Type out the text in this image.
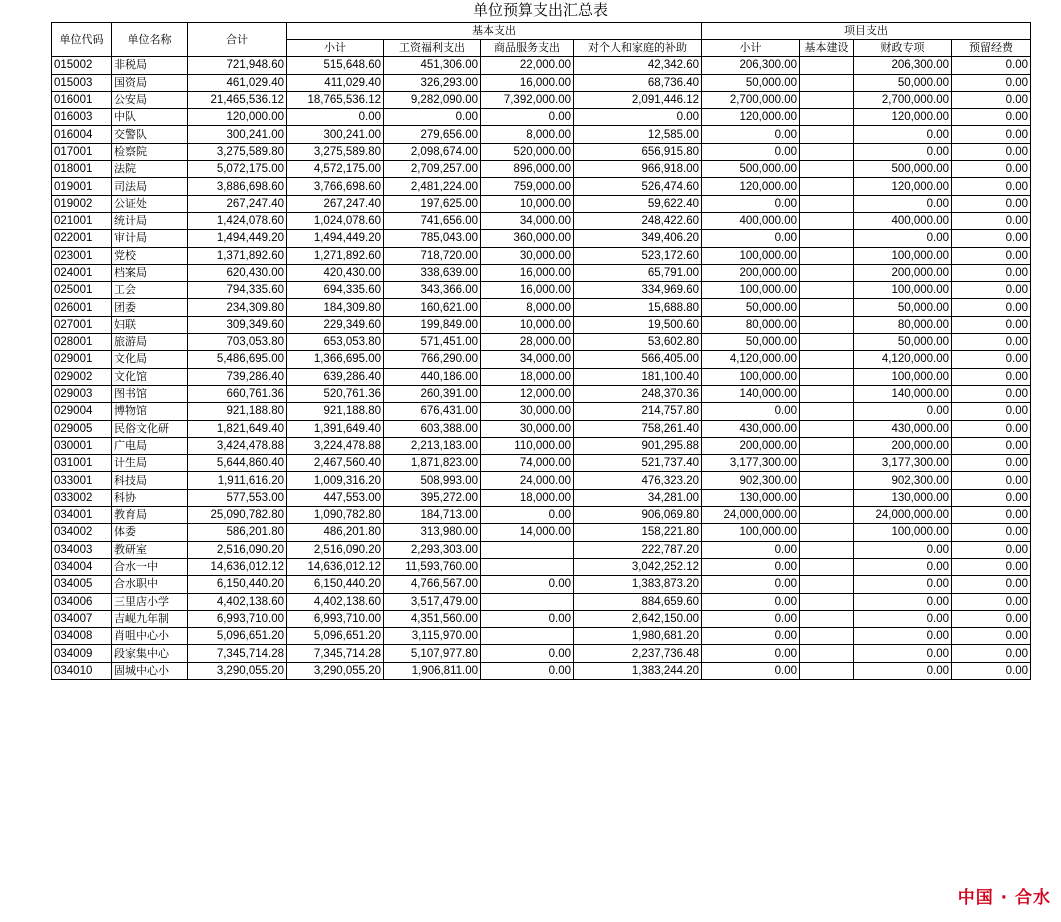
单位预算支出汇总表
单位代码	单位名称	合计	基本支出				项目支出			
			小计	工资福利支出	商品服务支出	对个人和家庭的补助	小计	基本建设	财政专项	预留经费
015002	非税局	721,948.60	515,648.60	451,306.00	22,000.00	42,342.60	206,300.00		206,300.00	0.00
015003	国资局	461,029.40	411,029.40	326,293.00	16,000.00	68,736.40	50,000.00		50,000.00	0.00
016001	公安局	21,465,536.12	18,765,536.12	9,282,090.00	7,392,000.00	2,091,446.12	2,700,000.00		2,700,000.00	0.00
016003	中队	120,000.00	0.00	0.00	0.00	0.00	120,000.00		120,000.00	0.00
016004	交警队	300,241.00	300,241.00	279,656.00	8,000.00	12,585.00	0.00		0.00	0.00
017001	检察院	3,275,589.80	3,275,589.80	2,098,674.00	520,000.00	656,915.80	0.00		0.00	0.00
018001	法院	5,072,175.00	4,572,175.00	2,709,257.00	896,000.00	966,918.00	500,000.00		500,000.00	0.00
019001	司法局	3,886,698.60	3,766,698.60	2,481,224.00	759,000.00	526,474.60	120,000.00		120,000.00	0.00
019002	公证处	267,247.40	267,247.40	197,625.00	10,000.00	59,622.40	0.00		0.00	0.00
021001	统计局	1,424,078.60	1,024,078.60	741,656.00	34,000.00	248,422.60	400,000.00		400,000.00	0.00
022001	审计局	1,494,449.20	1,494,449.20	785,043.00	360,000.00	349,406.20	0.00		0.00	0.00
023001	党校	1,371,892.60	1,271,892.60	718,720.00	30,000.00	523,172.60	100,000.00		100,000.00	0.00
024001	档案局	620,430.00	420,430.00	338,639.00	16,000.00	65,791.00	200,000.00		200,000.00	0.00
025001	工会	794,335.60	694,335.60	343,366.00	16,000.00	334,969.60	100,000.00		100,000.00	0.00
026001	团委	234,309.80	184,309.80	160,621.00	8,000.00	15,688.80	50,000.00		50,000.00	0.00
027001	妇联	309,349.60	229,349.60	199,849.00	10,000.00	19,500.60	80,000.00		80,000.00	0.00
028001	旅游局	703,053.80	653,053.80	571,451.00	28,000.00	53,602.80	50,000.00		50,000.00	0.00
029001	文化局	5,486,695.00	1,366,695.00	766,290.00	34,000.00	566,405.00	4,120,000.00		4,120,000.00	0.00
029002	文化馆	739,286.40	639,286.40	440,186.00	18,000.00	181,100.40	100,000.00		100,000.00	0.00
029003	图书馆	660,761.36	520,761.36	260,391.00	12,000.00	248,370.36	140,000.00		140,000.00	0.00
029004	博物馆	921,188.80	921,188.80	676,431.00	30,000.00	214,757.80	0.00		0.00	0.00
029005	民俗文化研	1,821,649.40	1,391,649.40	603,388.00	30,000.00	758,261.40	430,000.00		430,000.00	0.00
030001	广电局	3,424,478.88	3,224,478.88	2,213,183.00	110,000.00	901,295.88	200,000.00		200,000.00	0.00
031001	计生局	5,644,860.40	2,467,560.40	1,871,823.00	74,000.00	521,737.40	3,177,300.00		3,177,300.00	0.00
033001	科技局	1,911,616.20	1,009,316.20	508,993.00	24,000.00	476,323.20	902,300.00		902,300.00	0.00
033002	科协	577,553.00	447,553.00	395,272.00	18,000.00	34,281.00	130,000.00		130,000.00	0.00
034001	教育局	25,090,782.80	1,090,782.80	184,713.00	0.00	906,069.80	24,000,000.00		24,000,000.00	0.00
034002	体委	586,201.80	486,201.80	313,980.00	14,000.00	158,221.80	100,000.00		100,000.00	0.00
034003	教研室	2,516,090.20	2,516,090.20	2,293,303.00		222,787.20	0.00		0.00	0.00
034004	合水一中	14,636,012.12	14,636,012.12	11,593,760.00		3,042,252.12	0.00		0.00	0.00
034005	合水职中	6,150,440.20	6,150,440.20	4,766,567.00	0.00	1,383,873.20	0.00		0.00	0.00
034006	三里店小学	4,402,138.60	4,402,138.60	3,517,479.00		884,659.60	0.00		0.00	0.00
034007	吉岘九年制	6,993,710.00	6,993,710.00	4,351,560.00	0.00	2,642,150.00	0.00		0.00	0.00
034008	肖咀中心小	5,096,651.20	5,096,651.20	3,115,970.00		1,980,681.20	0.00		0.00	0.00
034009	段家集中心	7,345,714.28	7,345,714.28	5,107,977.80	0.00	2,237,736.48	0.00		0.00	0.00
034010	固城中心小	3,290,055.20	3,290,055.20	1,906,811.00	0.00	1,383,244.20	0.00		0.00	0.00
中国 · 合水
